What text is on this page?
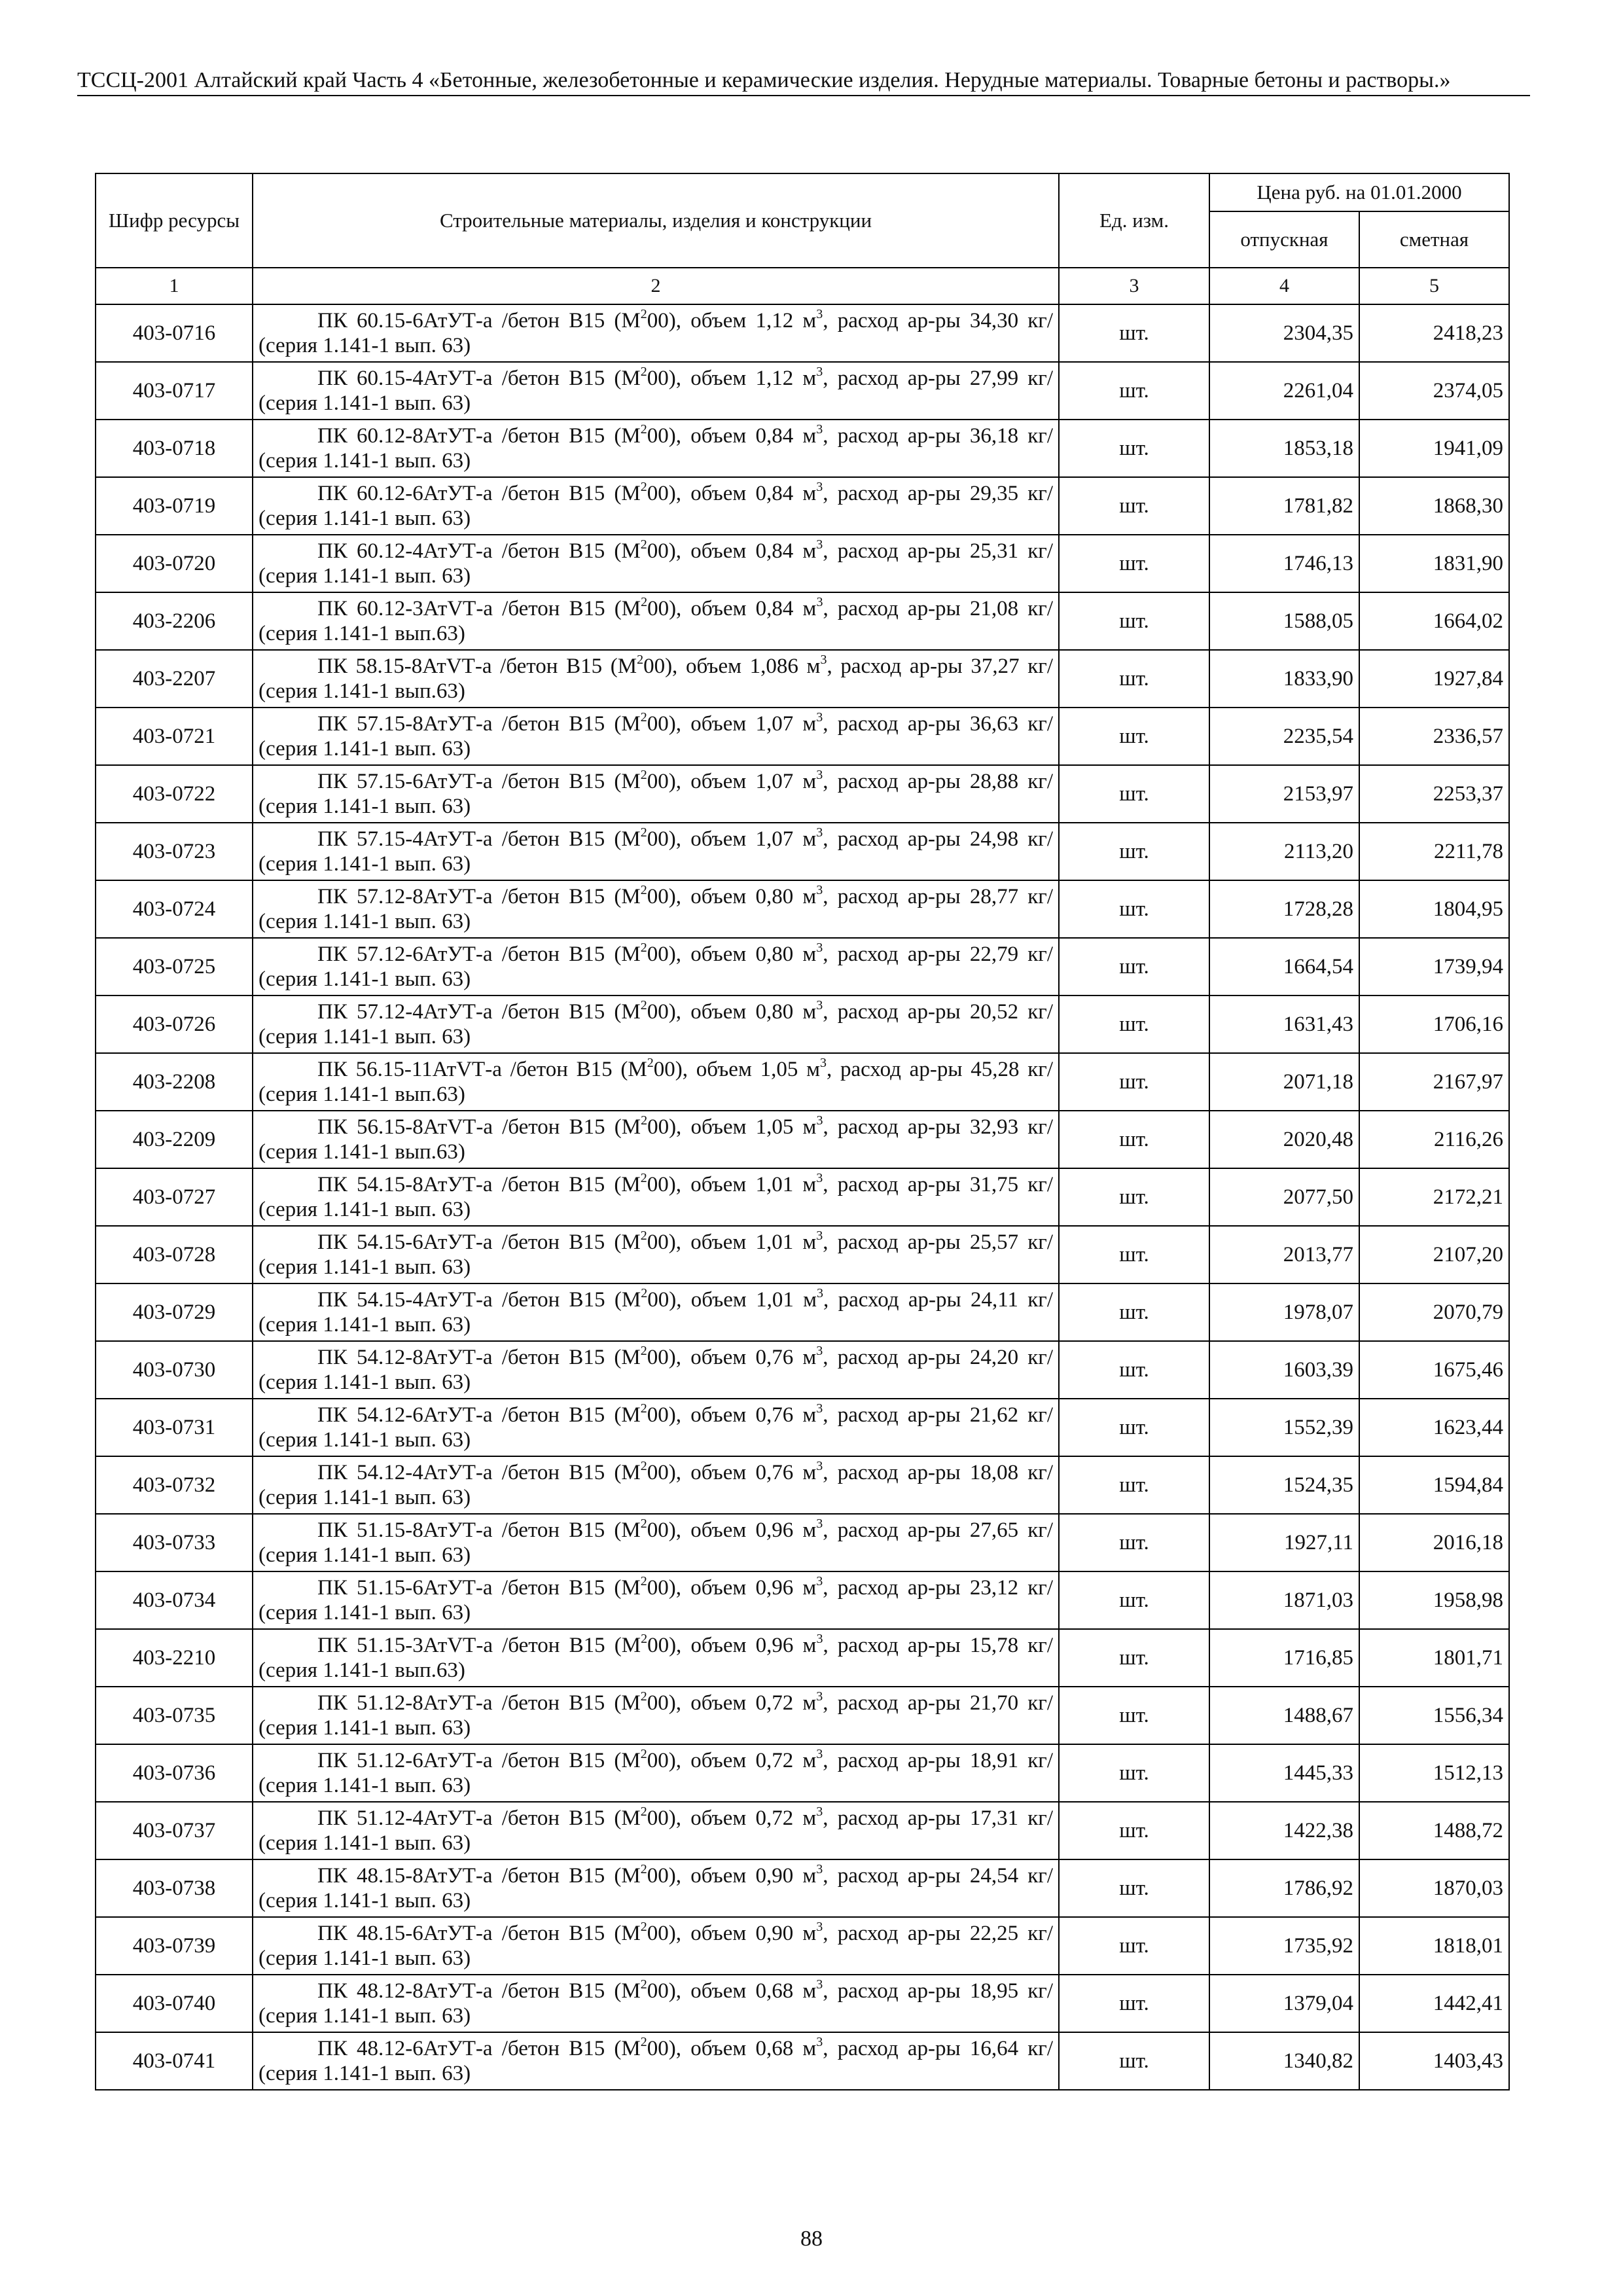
ТССЦ-2001 Алтайский край Часть 4 «Бетонные, железобетонные и керамические изделия. Нерудные материалы. Товарные бетоны и растворы.»
Шифр ресурсы	Строительные материалы, изделия и конструкции	Ед. изм.	Цена руб. на 01.01.2000	
			отпускная	сметная
1	2	3	4	5
403-0716	ПК 60.15-6АтУТ-а /бетон В15 $(М^200)$, объем 1,12 $м^3$, расход ар-ры 34,30 кг/ (серия 1.141-1 вып. 63)	шт.	2304,35	2418,23
403-0717	ПК 60.15-4АтУТ-а /бетон В15 $(М^200)$, объем 1,12 $м^3$, расход ар-ры 27,99 кг/ (серия 1.141-1 вып. 63)	шт.	2261,04	2374,05
403-0718	ПК 60.12-8АтУТ-а /бетон В15 $(М^200)$, объем 0,84 $м^3$, расход ар-ры 36,18 кг/ (серия 1.141-1 вып. 63)	шт.	1853,18	1941,09
403-0719	ПК 60.12-6АтУТ-а /бетон В15 $(М^200)$, объем 0,84 $м^3$, расход ар-ры 29,35 кг/ (серия 1.141-1 вып. 63)	шт.	1781,82	1868,30
403-0720	ПК 60.12-4АтУТ-а /бетон В15 $(М^200)$, объем 0,84 $м^3$, расход ар-ры 25,31 кг/ (серия 1.141-1 вып. 63)	шт.	1746,13	1831,90
403-2206	ПК 60.12-3АтVТ-а /бетон В15 $(М^200)$, объем 0,84 $м^3$, расход ар-ры 21,08 кг/ (серия 1.141-1 вып.63)	шт.	1588,05	1664,02
403-2207	ПК 58.15-8АтVТ-а /бетон В15 $(М^200)$, объем 1,086 $м^3$, расход ар-ры 37,27 кг/ (серия 1.141-1 вып.63)	шт.	1833,90	1927,84
403-0721	ПК 57.15-8АтУТ-а /бетон В15 $(М^200)$, объем 1,07 $м^3$, расход ар-ры 36,63 кг/ (серия 1.141-1 вып. 63)	шт.	2235,54	2336,57
403-0722	ПК 57.15-6АтУТ-а /бетон В15 $(М^200)$, объем 1,07 $м^3$, расход ар-ры 28,88 кг/ (серия 1.141-1 вып. 63)	шт.	2153,97	2253,37
403-0723	ПК 57.15-4АтУТ-а /бетон В15 $(М^200)$, объем 1,07 $м^3$, расход ар-ры 24,98 кг/ (серия 1.141-1 вып. 63)	шт.	2113,20	2211,78
403-0724	ПК 57.12-8АтУТ-а /бетон В15 $(М^200)$, объем 0,80 $м^3$, расход ар-ры 28,77 кг/ (серия 1.141-1 вып. 63)	шт.	1728,28	1804,95
403-0725	ПК 57.12-6АтУТ-а /бетон В15 $(М^200)$, объем 0,80 $м^3$, расход ар-ры 22,79 кг/ (серия 1.141-1 вып. 63)	шт.	1664,54	1739,94
403-0726	ПК 57.12-4АтУТ-а /бетон В15 $(М^200)$, объем 0,80 $м^3$, расход ар-ры 20,52 кг/ (серия 1.141-1 вып. 63)	шт.	1631,43	1706,16
403-2208	ПК 56.15-11АтVТ-а /бетон В15 $(М^200)$, объем 1,05 $м^3$, расход ар-ры 45,28 кг/ (серия 1.141-1 вып.63)	шт.	2071,18	2167,97
403-2209	ПК 56.15-8АтVТ-а /бетон В15 $(М^200)$, объем 1,05 $м^3$, расход ар-ры 32,93 кг/ (серия 1.141-1 вып.63)	шт.	2020,48	2116,26
403-0727	ПК 54.15-8АтУТ-а /бетон В15 $(М^200)$, объем 1,01 $м^3$, расход ар-ры 31,75 кг/ (серия 1.141-1 вып. 63)	шт.	2077,50	2172,21
403-0728	ПК 54.15-6АтУТ-а /бетон В15 $(М^200)$, объем 1,01 $м^3$, расход ар-ры 25,57 кг/ (серия 1.141-1 вып. 63)	шт.	2013,77	2107,20
403-0729	ПК 54.15-4АтУТ-а /бетон В15 $(М^200)$, объем 1,01 $м^3$, расход ар-ры 24,11 кг/ (серия 1.141-1 вып. 63)	шт.	1978,07	2070,79
403-0730	ПК 54.12-8АтУТ-а /бетон В15 $(М^200)$, объем 0,76 $м^3$, расход ар-ры 24,20 кг/ (серия 1.141-1 вып. 63)	шт.	1603,39	1675,46
403-0731	ПК 54.12-6АтУТ-а /бетон В15 $(М^200)$, объем 0,76 $м^3$, расход ар-ры 21,62 кг/ (серия 1.141-1 вып. 63)	шт.	1552,39	1623,44
403-0732	ПК 54.12-4АтУТ-а /бетон В15 $(М^200)$, объем 0,76 $м^3$, расход ар-ры 18,08 кг/ (серия 1.141-1 вып. 63)	шт.	1524,35	1594,84
403-0733	ПК 51.15-8АтУТ-а /бетон В15 $(М^200)$, объем 0,96 $м^3$, расход ар-ры 27,65 кг/ (серия 1.141-1 вып. 63)	шт.	1927,11	2016,18
403-0734	ПК 51.15-6АтУТ-а /бетон В15 $(М^200)$, объем 0,96 $м^3$, расход ар-ры 23,12 кг/ (серия 1.141-1 вып. 63)	шт.	1871,03	1958,98
403-2210	ПК 51.15-3АтVТ-а /бетон В15 $(М^200)$, объем 0,96 $м^3$, расход ар-ры 15,78 кг/ (серия 1.141-1 вып.63)	шт.	1716,85	1801,71
403-0735	ПК 51.12-8АтУТ-а /бетон В15 $(М^200)$, объем 0,72 $м^3$, расход ар-ры 21,70 кг/ (серия 1.141-1 вып. 63)	шт.	1488,67	1556,34
403-0736	ПК 51.12-6АтУТ-а /бетон В15 $(М^200)$, объем 0,72 $м^3$, расход ар-ры 18,91 кг/ (серия 1.141-1 вып. 63)	шт.	1445,33	1512,13
403-0737	ПК 51.12-4АтУТ-а /бетон В15 $(М^200)$, объем 0,72 $м^3$, расход ар-ры 17,31 кг/ (серия 1.141-1 вып. 63)	шт.	1422,38	1488,72
403-0738	ПК 48.15-8АтУТ-а /бетон В15 $(М^200)$, объем 0,90 $м^3$, расход ар-ры 24,54 кг/ (серия 1.141-1 вып. 63)	шт.	1786,92	1870,03
403-0739	ПК 48.15-6АтУТ-а /бетон В15 $(М^200)$, объем 0,90 $м^3$, расход ар-ры 22,25 кг/ (серия 1.141-1 вып. 63)	шт.	1735,92	1818,01
403-0740	ПК 48.12-8АтУТ-а /бетон В15 $(М^200)$, объем 0,68 $м^3$, расход ар-ры 18,95 кг/ (серия 1.141-1 вып. 63)	шт.	1379,04	1442,41
403-0741	ПК 48.12-6АтУТ-а /бетон В15 $(М^200)$, объем 0,68 $м^3$, расход ар-ры 16,64 кг/ (серия 1.141-1 вып. 63)	шт.	1340,82	1403,43
88
